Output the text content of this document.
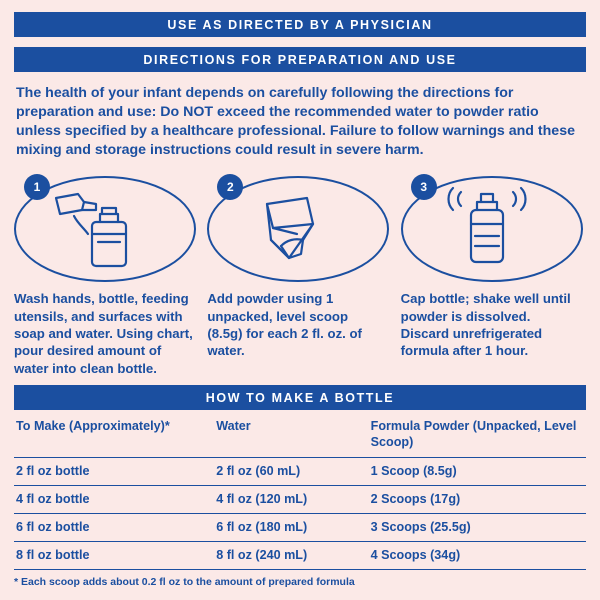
USE AS DIRECTED BY A PHYSICIAN
DIRECTIONS FOR PREPARATION AND USE

The health of your infant depends on carefully following the directions for preparation and use: Do NOT exceed the recommended water to powder ratio unless specified by a healthcare professional. Failure to follow warnings and these mixing and storage instructions could result in severe harm.

1
Wash hands, bottle, feeding utensils, and surfaces with soap and water. Using chart, pour desired amount of water into clean bottle.
2
Add powder using 1 unpacked, level scoop (8.5g) for each 2 fl. oz. of water.
3
Cap bottle; shake well until powder is dissolved. Discard unrefrigerated formula after 1 hour.
HOW TO MAKE A BOTTLE
To Make (Approximately)*	Water	Formula Powder (Unpacked, Level Scoop)
2 fl oz bottle	2 fl oz (60 mL)	1 Scoop (8.5g)
4 fl oz bottle	4 fl oz (120 mL)	2 Scoops (17g)
6 fl oz bottle	6 fl oz (180 mL)	3 Scoops (25.5g)
8 fl oz bottle	8 fl oz (240 mL)	4 Scoops (34g)
* Each scoop adds about 0.2 fl oz to the amount of prepared formula
